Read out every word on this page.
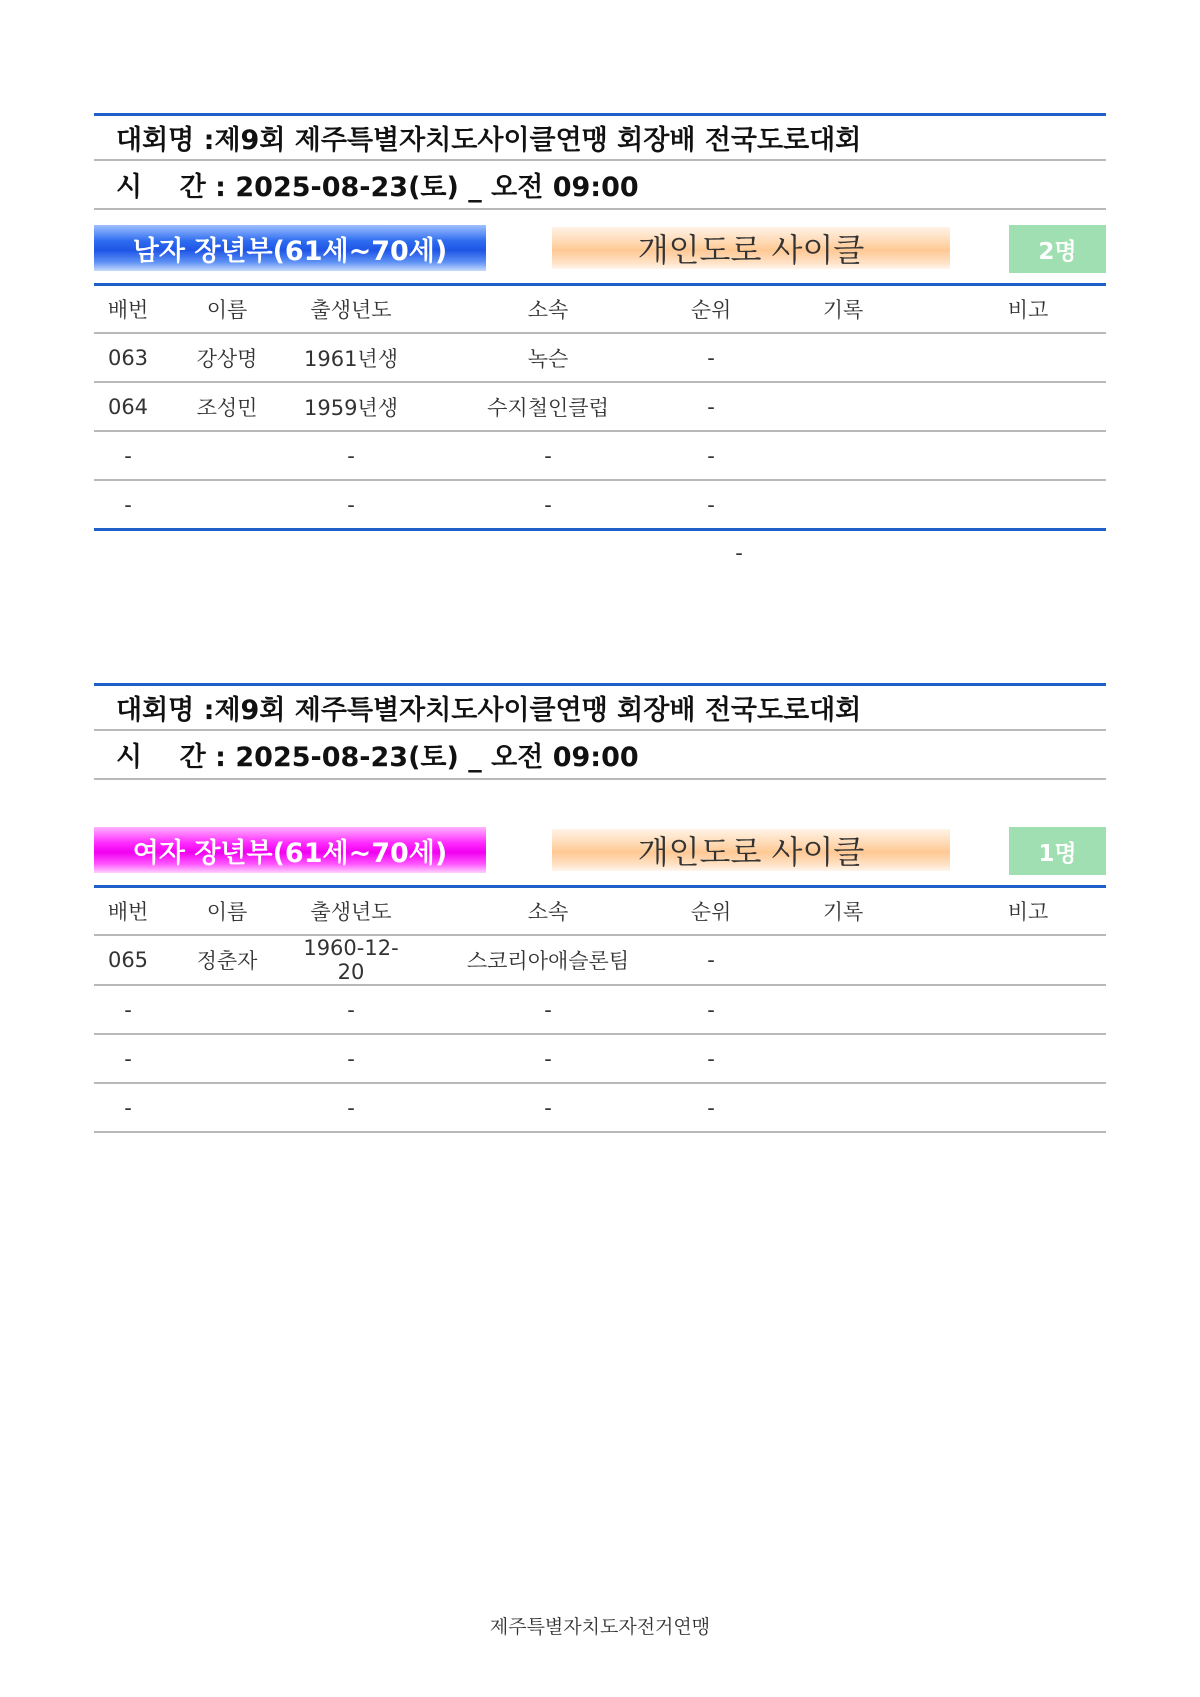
대회명 : 제9회 제주특별자치도사이클연맹 회장배 전국도로대회
시    간 : 2025-08-23(토) _ 오전 09:00
남자 장년부(61세~70세)	개인도로 사이클	2명
배번	이름	출생년도	소속	순위	기록	비고
063	강상명	1961년생	녹슨	-		
064	조성민	1959년생	수지철인클럽	-		
-		-	-	-		
-		-	-	-		
-
대회명 : 제9회 제주특별자치도사이클연맹 회장배 전국도로대회
시    간 : 2025-08-23(토) _ 오전 09:00
여자 장년부(61세~70세)	개인도로 사이클	1명
배번	이름	출생년도	소속	순위	기록	비고
065	정춘자	1960-12-20	스코리아애슬론팀	-		
-		-	-	-		
-		-	-	-		
-		-	-	-		
제주특별자치도자전거연맹
